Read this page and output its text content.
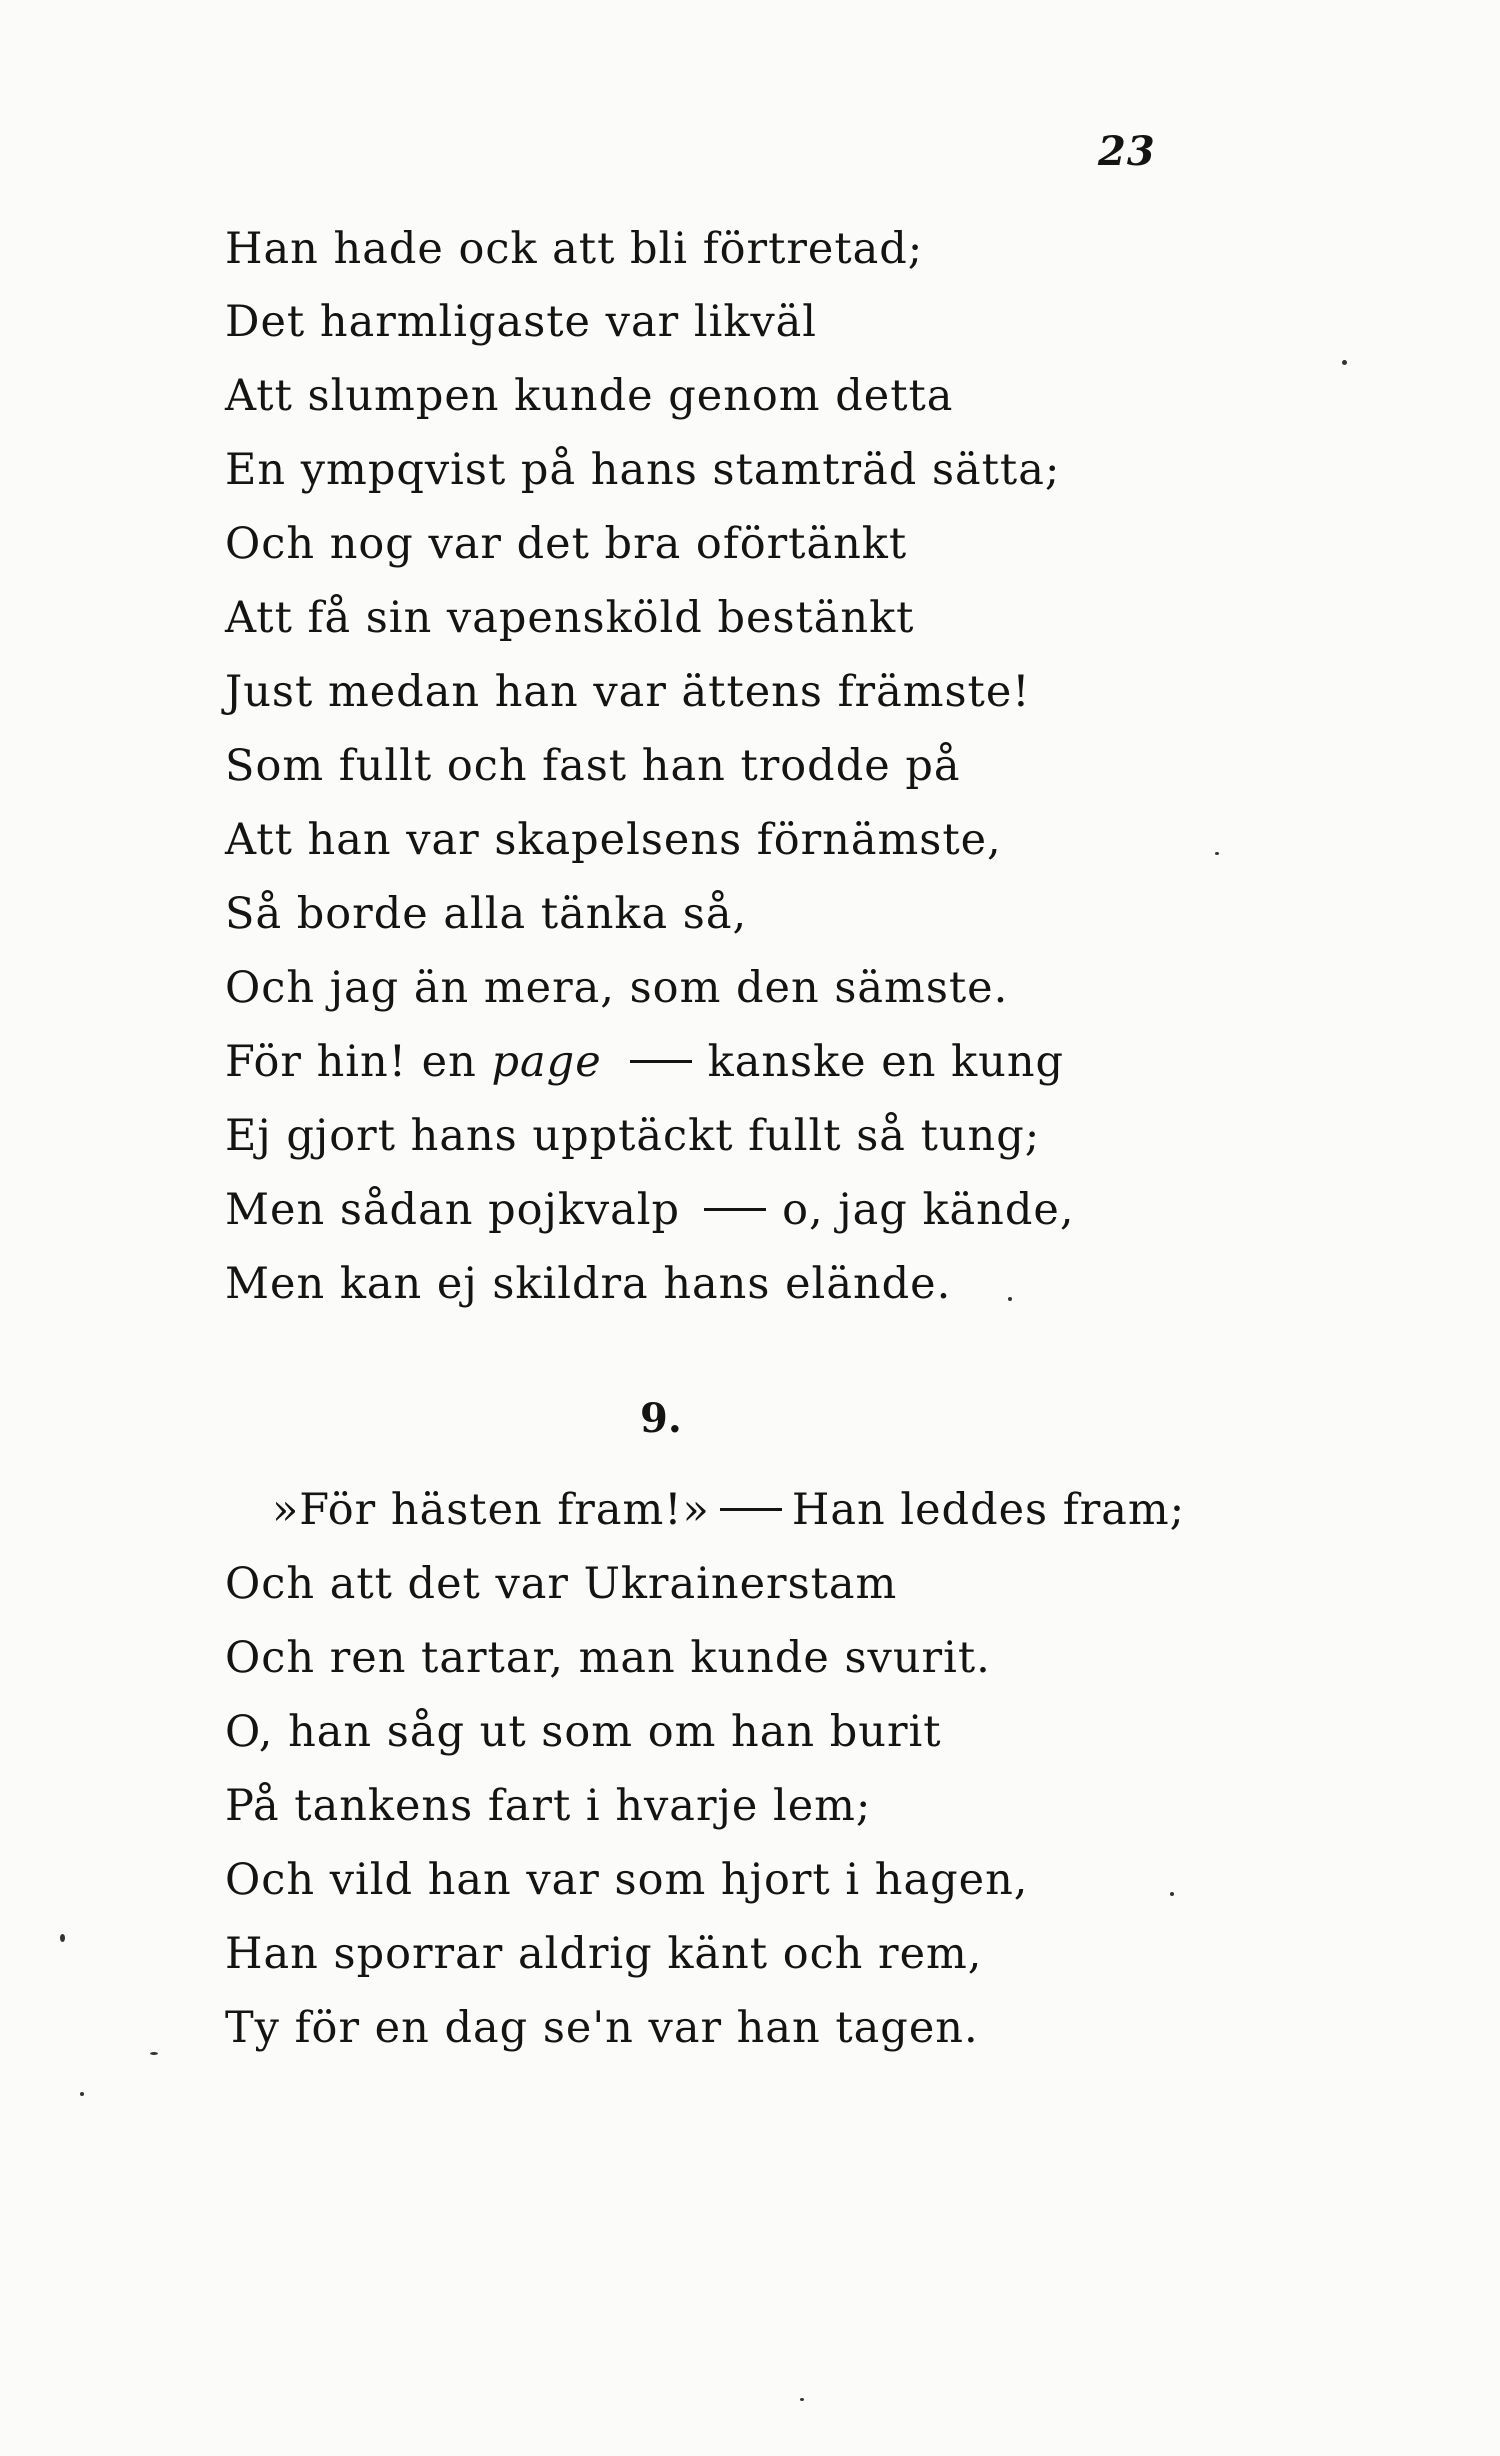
23
Han hade ock att bli förtretad;
Det harmligaste var likväl
Att slumpen kunde genom detta
En ympqvist på hans stamträd sätta;
Och nog var det bra oförtänkt
Att få sin vapensköld bestänkt
Just medan han var ättens främste!
Som fullt och fast han trodde på
Att han var skapelsens förnämste,
Så borde alla tänka så,
Och jag än mera, som den sämste.
För hin! en page kanske en kung
Ej gjort hans upptäckt fullt så tung;
Men sådan pojkvalp o, jag kände,
Men kan ej skildra hans elände.
9.
»För hästen fram!» Han leddes fram;
Och att det var Ukrainerstam
Och ren tartar, man kunde svurit.
O, han såg ut som om han burit
På tankens fart i hvarje lem;
Och vild han var som hjort i hagen,
Han sporrar aldrig känt och rem,
Ty för en dag se'n var han tagen.
